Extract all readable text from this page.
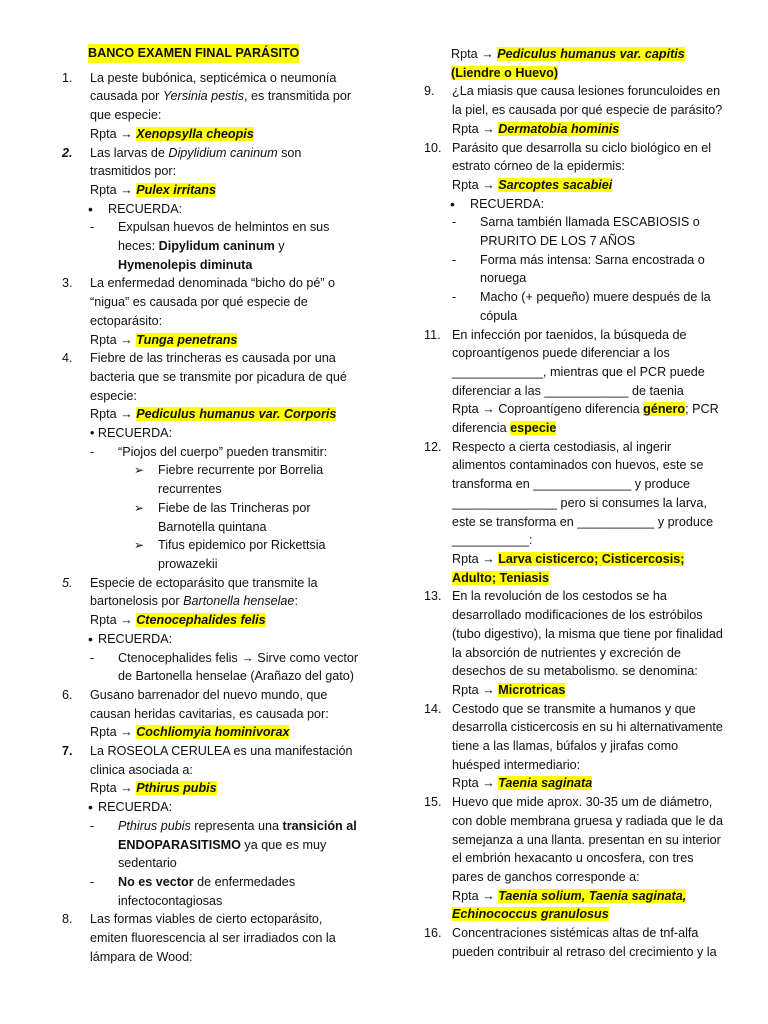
BANCO EXAMEN FINAL PARÁSITO
1.	La peste bubónica, septicémica o neumonía causada por Yersinia pestis, es transmitida por que especie:
Rpta → Xenopsylla cheopis
2.	Las larvas de Dipylidium caninum son trasmitidos por:
Rpta → Pulex irritans
• RECUERDA:
- Expulsan huevos de helmintos en sus heces: Dipylidum caninum y Hymenolepis diminuta
3.	La enfermedad denominada “bicho do pé” o “nigua” es causada por qué especie de ectoparásito:
Rpta → Tunga penetrans
4.	Fiebre de las trincheras es causada por una bacteria que se transmite por picadura de qué especie:
Rpta → Pediculus humanus var. Corporis
• RECUERDA:
- “Piojos del cuerpo” pueden transmitir:
➢ Fiebre recurrente por Borrelia recurrentes
➢ Fiebe de las Trincheras por Barnotella quintana
➢ Tifus epidemico por Rickettsia prowazekii
5.	Especie de ectoparásito que transmite la bartonelosis por Bartonella henselae:
Rpta → Ctenocephalides felis
• RECUERDA:
- Ctenocephalides felis → Sirve como vector de Bartonella henselae (Arañazo del gato)
6.	Gusano barrenador del nuevo mundo, que causan heridas cavitarias, es causada por:
Rpta → Cochliomyia hominivorax
7.	La ROSEOLA CERULEA es una manifestación clinica asociada a:
Rpta → Pthirus pubis
• RECUERDA:
- Pthirus pubis representa una transición al ENDOPARASITISMO ya que es muy sedentario
- No es vector de enfermedades infectocontagiosas
8.	Las formas viables de cierto ectoparásito, emiten fluorescencia al ser irradiados con la lámpara de Wood:
Rpta → Pediculus humanus var. capitis (Liendre o Huevo)
9.	¿La miasis que causa lesiones forunculoides en la piel, es causada por qué especie de parásito?
Rpta → Dermatobia hominis
10. Parásito que desarrolla su ciclo biológico en el estrato córneo de la epidermis:
Rpta → Sarcoptes sacabiei
• RECUERDA:
- Sarna también llamada ESCABIOSIS o PRURITO DE LOS 7 AÑOS
- Forma más intensa: Sarna encostrada o noruega
- Macho (+ pequeño) muere después de la cópula
11. En infección por taenidos, la búsqueda de coproantígenos puede diferenciar a los _____________, mientras que el PCR puede diferenciar a las ____________ de taenia
Rpta → Coproantígeno diferencia género; PCR diferencia especie
12. Respecto a cierta cestodiasis, al ingerir alimentos contaminados con huevos, este se transforma en ______________ y produce _______________ pero si consumes la larva, este se transforma en ___________ y produce ___________:
Rpta → Larva cisticerco; Cisticercosis; Adulto; Teniasis
13. En la revolución de los cestodos se ha desarrollado modificaciones de los estróbilos (tubo digestivo), la misma que tiene por finalidad la absorción de nutrientes y excreción de desechos de su metabolismo. se denomina:
Rpta → Microtricas
14. Cestodo que se transmite a humanos y que desarrolla cisticercosis en su hi alternativamente tiene a las llamas, búfalos y jirafas como huésped intermediario:
Rpta → Taenia saginata
15. Huevo que mide aprox. 30-35 um de diámetro, con doble membrana gruesa y radiada que le da semejanza a una llanta. presentan en su interior el embrión hexacanto u oncosfera, con tres pares de ganchos corresponde a:
Rpta → Taenia solium, Taenia saginata, Echinococcus granulosus
16. Concentraciones sistémicas altas de tnf-alfa pueden contribuir al retraso del crecimiento y la
